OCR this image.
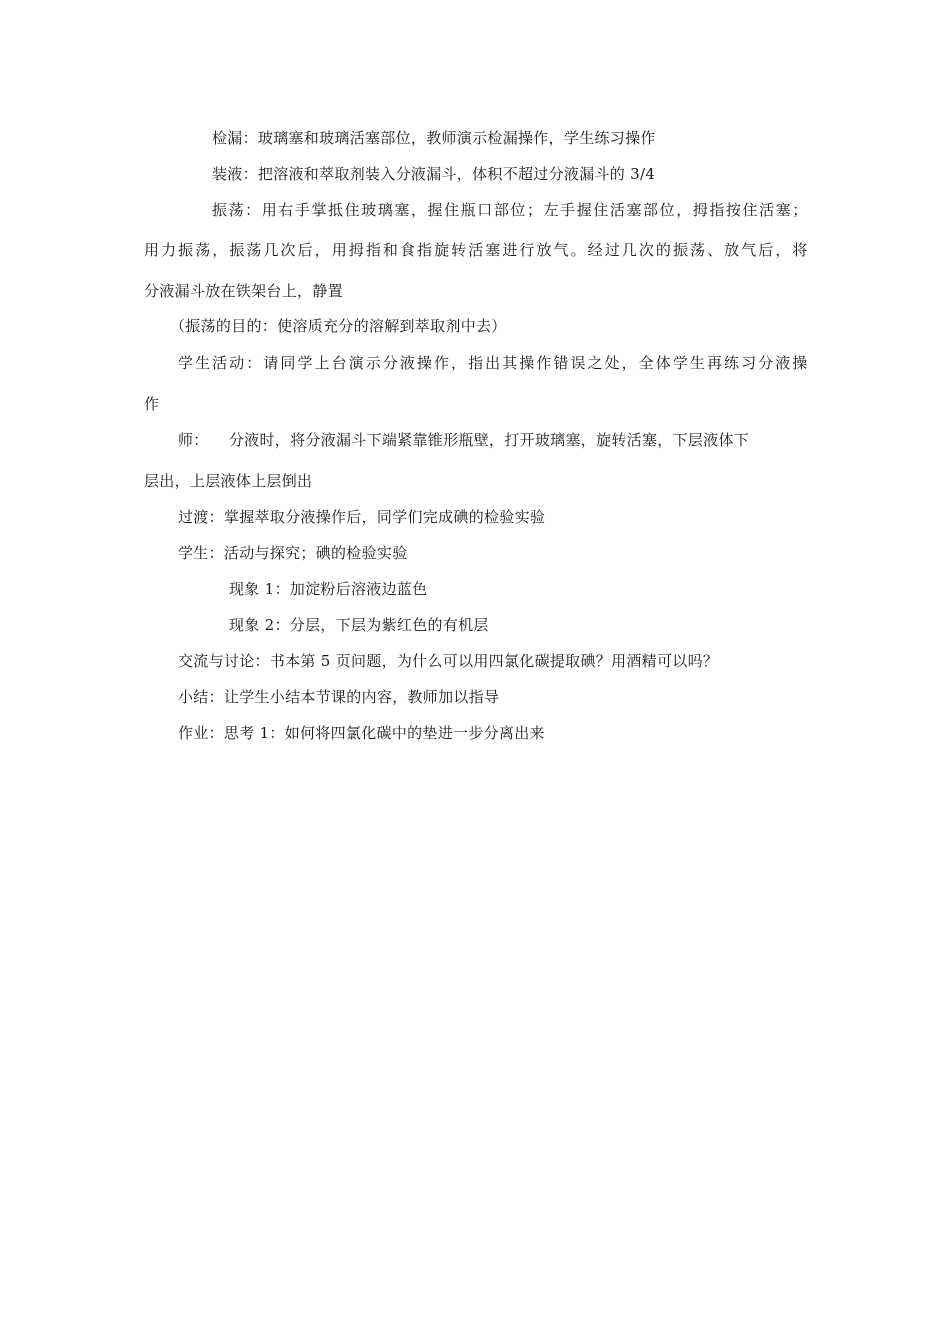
检漏：玻璃塞和玻璃活塞部位，教师演示检漏操作，学生练习操作
装液：把溶液和萃取剂装入分液漏斗，体积不超过分液漏斗的 3/4
振 荡 ： 用 右 手 掌 抵 住 玻 璃 塞 ， 握 住 瓶 口 部 位 ； 左 手 握 住 活 塞 部 位 ， 拇 指 按 住 活 塞 ；
用 力 振 荡 ， 振 荡 几 次 后 ， 用 拇 指 和 食 指 旋 转 活 塞 进 行 放 气 。 经 过 几 次 的 振 荡 、 放 气 后 ， 将
分液漏斗放在铁架台上，静置
（振荡的目的：使溶质充分的溶解到萃取剂中去）
学 生 活 动 ： 请 同 学 上 台 演 示 分 液 操 作 ， 指 出 其 操 作 错 误 之 处 ， 全 体 学 生 再 练 习 分 液 操
作
师：    分液时，将分液漏斗下端紧靠锥形瓶壁，打开玻璃塞，旋转活塞，下层液体下
层出，上层液体上层倒出
过渡：掌握萃取分液操作后，同学们完成碘的检验实验
学生：活动与探究；碘的检验实验
现象 1：加淀粉后溶液边蓝色
现象 2：分层，下层为紫红色的有机层
交流与讨论：书本第 5 页问题，为什么可以用四氯化碳提取碘？用酒精可以吗？
小结：让学生小结本节课的内容，教师加以指导
作业：思考 1：如何将四氯化碳中的垫进一步分离出来
